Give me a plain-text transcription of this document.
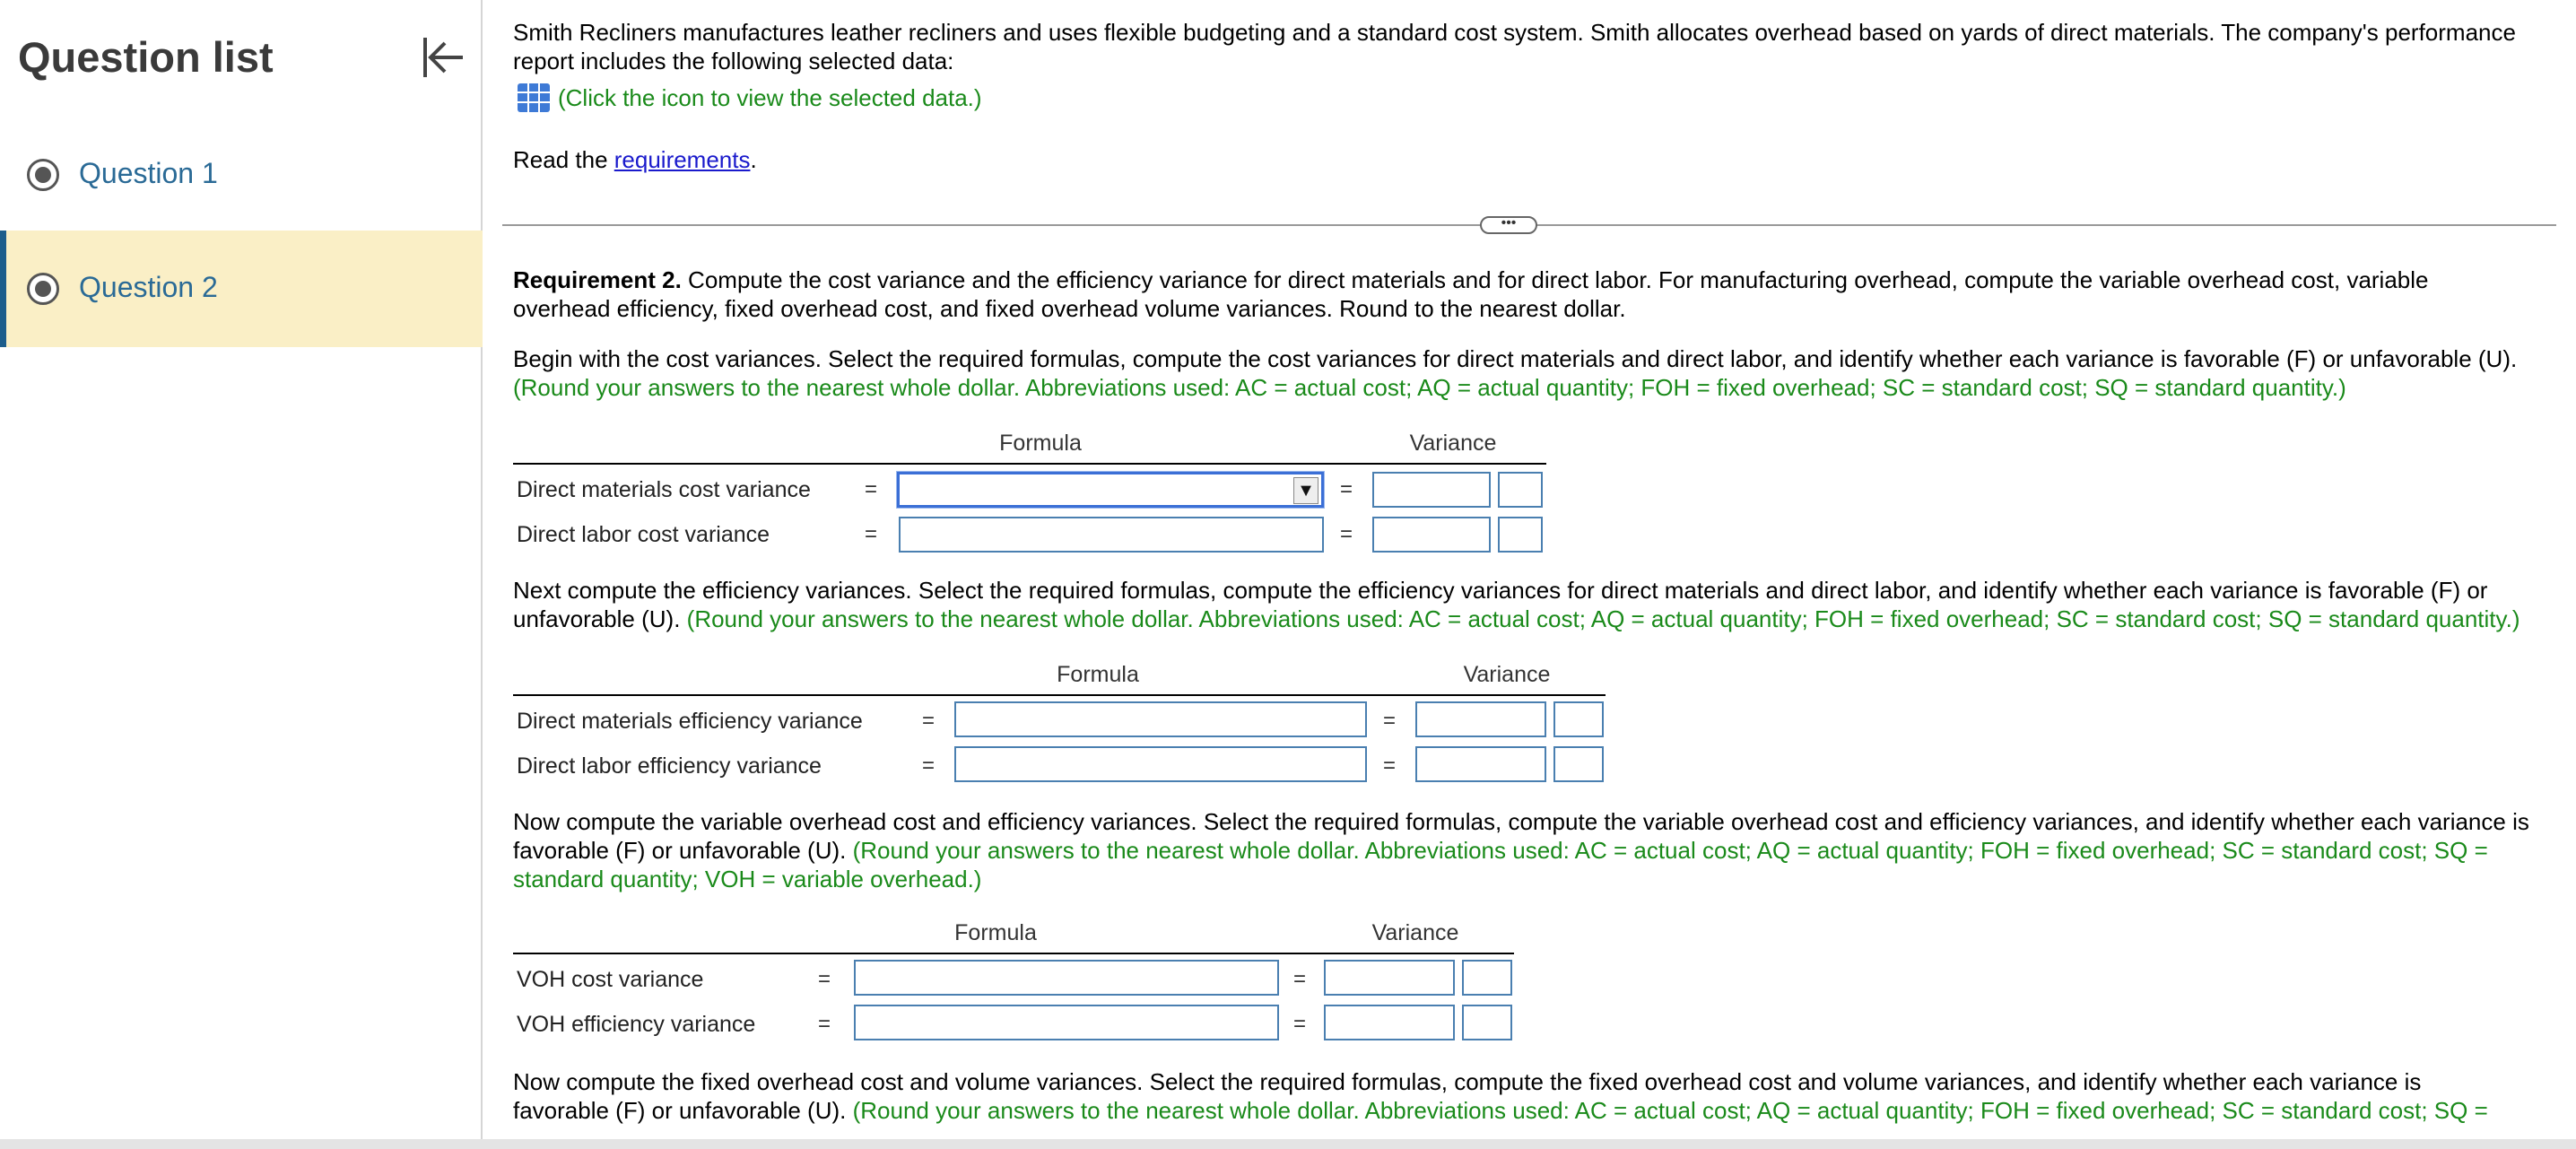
Question list
Question 1
Question 2
Smith Recliners manufactures leather recliners and uses flexible budgeting and a standard cost system. Smith allocates overhead based on yards of direct materials. The company's performance
report includes the following selected data:
(Click the icon to view the selected data.)
Read the requirements.
•••
Requirement 2. Compute the cost variance and the efficiency variance for direct materials and for direct labor. For manufacturing overhead, compute the variable overhead cost, variable
overhead efficiency, fixed overhead cost, and fixed overhead volume variances. Round to the nearest dollar.
Begin with the cost variances. Select the required formulas, compute the cost variances for direct materials and direct labor, and identify whether each variance is favorable (F) or unfavorable (U).
(Round your answers to the nearest whole dollar. Abbreviations used: AC = actual cost; AQ = actual quantity; FOH = fixed overhead; SC = standard cost; SQ = standard quantity.)
Formula	Variance
Direct materials cost variance	=	▼ =
Direct labor cost variance	=	=
Next compute the efficiency variances. Select the required formulas, compute the efficiency variances for direct materials and direct labor, and identify whether each variance is favorable (F) or
unfavorable (U). (Round your answers to the nearest whole dollar. Abbreviations used: AC = actual cost; AQ = actual quantity; FOH = fixed overhead; SC = standard cost; SQ = standard quantity.)
Formula	Variance
Direct materials efficiency variance	=	=
Direct labor efficiency variance	=	=
Now compute the variable overhead cost and efficiency variances. Select the required formulas, compute the variable overhead cost and efficiency variances, and identify whether each variance is
favorable (F) or unfavorable (U). (Round your answers to the nearest whole dollar. Abbreviations used: AC = actual cost; AQ = actual quantity; FOH = fixed overhead; SC = standard cost; SQ =
standard quantity; VOH = variable overhead.)
Formula	Variance
VOH cost variance	=	=
VOH efficiency variance	=	=
Now compute the fixed overhead cost and volume variances. Select the required formulas, compute the fixed overhead cost and volume variances, and identify whether each variance is
favorable (F) or unfavorable (U). (Round your answers to the nearest whole dollar. Abbreviations used: AC = actual cost; AQ = actual quantity; FOH = fixed overhead; SC = standard cost; SQ =
